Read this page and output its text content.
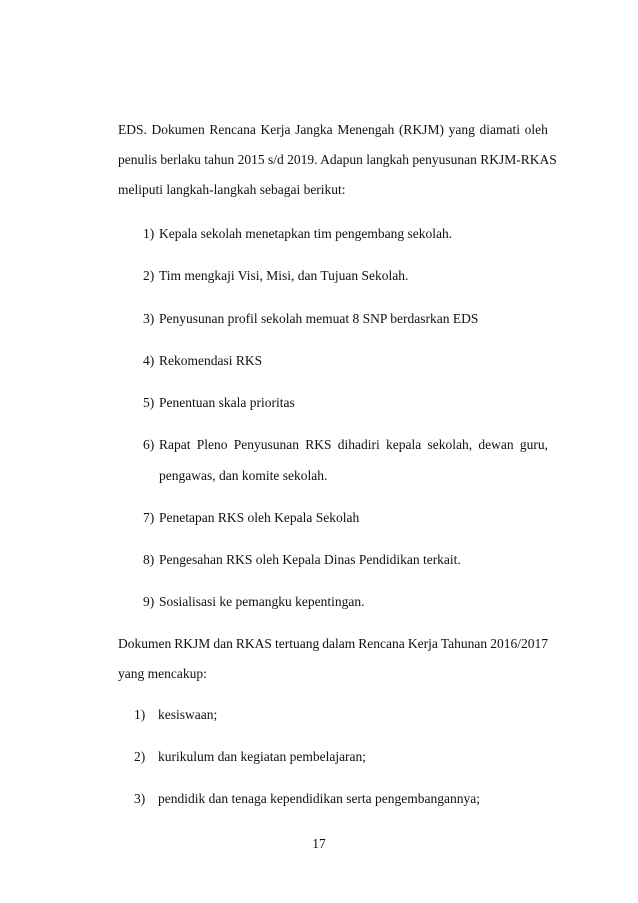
EDS. Dokumen Rencana Kerja Jangka Menengah (RKJM) yang diamati oleh
penulis berlaku tahun 2015 s/d 2019. Adapun langkah penyusunan RKJM-RKAS
meliputi langkah-langkah sebagai berikut:
1) Kepala sekolah menetapkan tim pengembang sekolah.
2) Tim mengkaji Visi, Misi, dan Tujuan Sekolah.
3) Penyusunan profil sekolah memuat 8 SNP berdasrkan EDS
4) Rekomendasi RKS
5) Penentuan skala prioritas
6) Rapat Pleno Penyusunan RKS dihadiri kepala sekolah, dewan guru,
pengawas, dan komite sekolah.
7) Penetapan RKS oleh Kepala Sekolah
8) Pengesahan RKS oleh Kepala Dinas Pendidikan terkait.
9) Sosialisasi ke pemangku kepentingan.
Dokumen RKJM dan RKAS tertuang dalam Rencana Kerja Tahunan 2016/2017
yang mencakup:
1) kesiswaan;
2) kurikulum dan kegiatan pembelajaran;
3) pendidik dan tenaga kependidikan serta pengembangannya;
17
